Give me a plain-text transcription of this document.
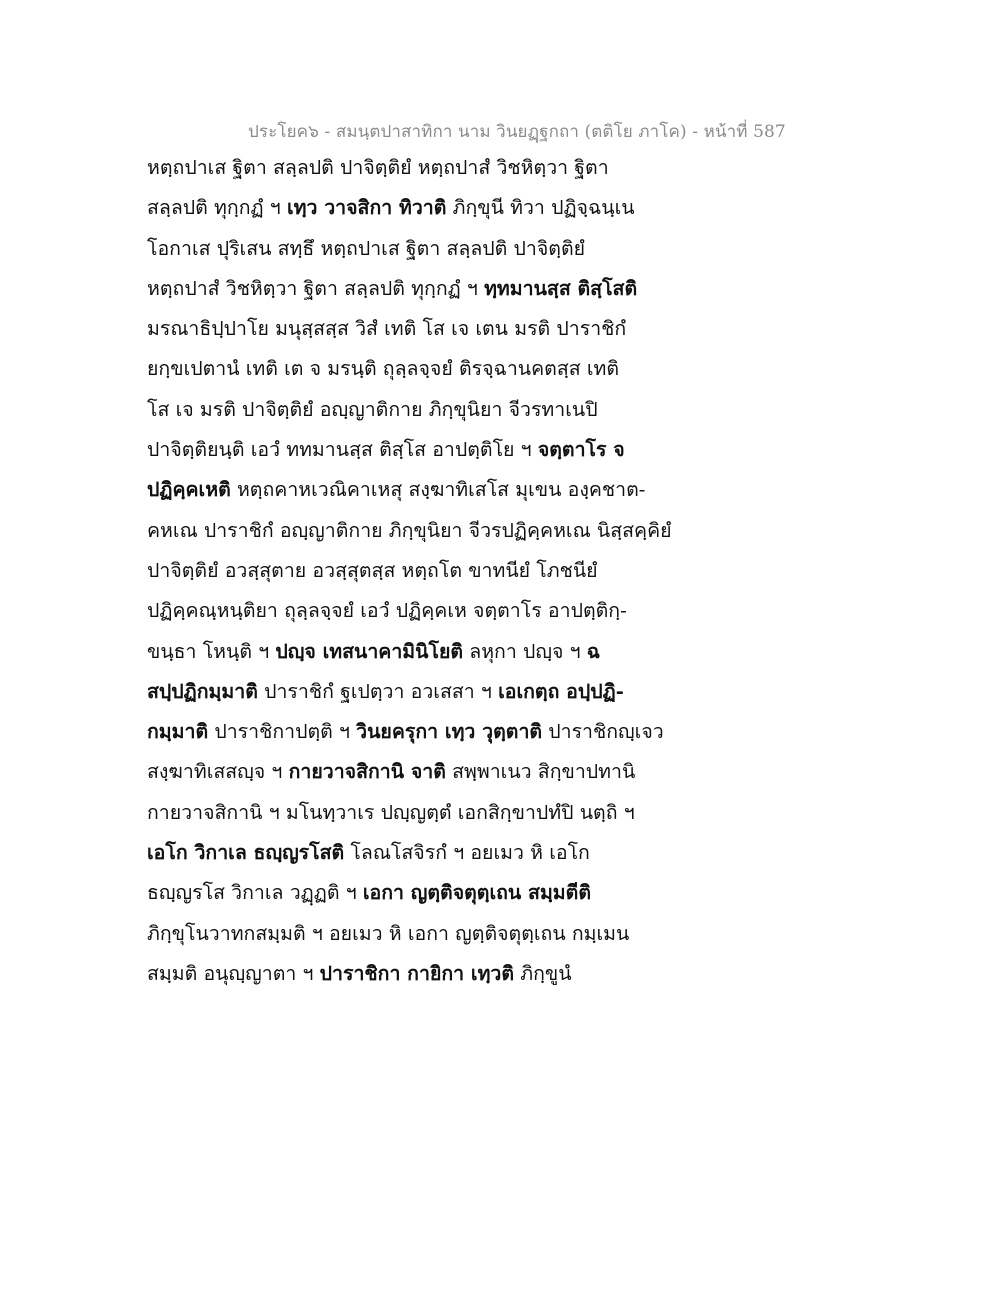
ประโยค๖ - สมนฺตปาสาทิกา นาม วินยฏฺฐกถา (ตติโย ภาโค) - หน้าที่ 587
หตฺถปาเส ฐิตา สลฺลปติ ปาจิตฺติยํ หตฺถปาสํ วิชหิตฺวา ฐิตา
สลฺลปติ ทุกฺกฏํ ฯ เทฺว วาจสิกา ทิวาติ ภิกฺขุนี ทิวา ปฏิจฺฉนฺเน
โอกาเส ปุริเสน สทฺธึ หตฺถปาเส ฐิตา สลฺลปติ ปาจิตฺติยํ
หตฺถปาสํ วิชหิตฺวา ฐิตา สลฺลปติ ทุกฺกฏํ ฯ ทฺทมานสฺส ติสฺโสติ
มรณาธิปฺปาโย มนุสฺสสฺส วิสํ เทติ โส เจ เตน มรติ ปาราชิกํ
ยกฺขเปตานํ เทติ เต จ มรนฺติ ถุลฺลจฺจยํ ติรจฺฉานคตสฺส เทติ
โส เจ มรติ ปาจิตฺติยํ อญฺญาติกาย ภิกฺขุนิยา จีวรทาเนปิ
ปาจิตฺติยนฺติ เอวํ ททมานสฺส ติสฺโส อาปตฺติโย ฯ จตฺตาโร จ
ปฏิคฺคเหติ หตฺถคาหเวณิคาเหสุ สงฺฆาทิเสโส มุเขน องฺคชาต-
คหเณ ปาราชิกํ อญฺญาติกาย ภิกฺขุนิยา จีวรปฏิคฺคหเณ นิสฺสคฺคิยํ
ปาจิตฺติยํ อวสฺสุตาย อวสฺสุตสฺส หตฺถโต ขาทนียํ โภชนียํ
ปฏิคฺคณฺหนฺติยา ถุลฺลจฺจยํ เอวํ ปฏิคฺคเห จตฺตาโร อาปตฺติกฺ-
ขนฺธา โหนฺติ ฯ ปญฺจ เทสนาคามินิโยติ ลหุกา ปญฺจ ฯ ฉ
สปฺปฏิกมฺมาติ ปาราชิกํ ฐเปตฺวา อวเสสา ฯ เอเกตฺถ อปฺปฏิ-
กมฺมาติ ปาราชิกาปตฺติ ฯ วินยครุกา เทฺว วุตฺตาติ ปาราชิกญฺเจว
สงฺฆาทิเสสญฺจ ฯ กายวาจสิกานิ จาติ สพฺพาเนว สิกฺขาปทานิ
กายวาจสิกานิ ฯ มโนทฺวาเร ปญฺญตฺตํ เอกสิกฺขาปทํปิ นตฺถิ ฯ
เอโก วิกาเล ธญฺญรโสติ โลณโสจิรกํ ฯ อยเมว หิ เอโก
ธญฺญรโส วิกาเล วฏฺฏติ ฯ เอกา ญตฺติจตุตฺเถน สมฺมตีติ
ภิกฺขุโนวาทกสมฺมติ ฯ อยเมว หิ เอกา ญตฺติจตุตฺเถน กมฺเมน
สมฺมติ อนุญฺญาตา ฯ ปาราชิกา กายิกา เทฺวติ ภิกฺขูนํ
